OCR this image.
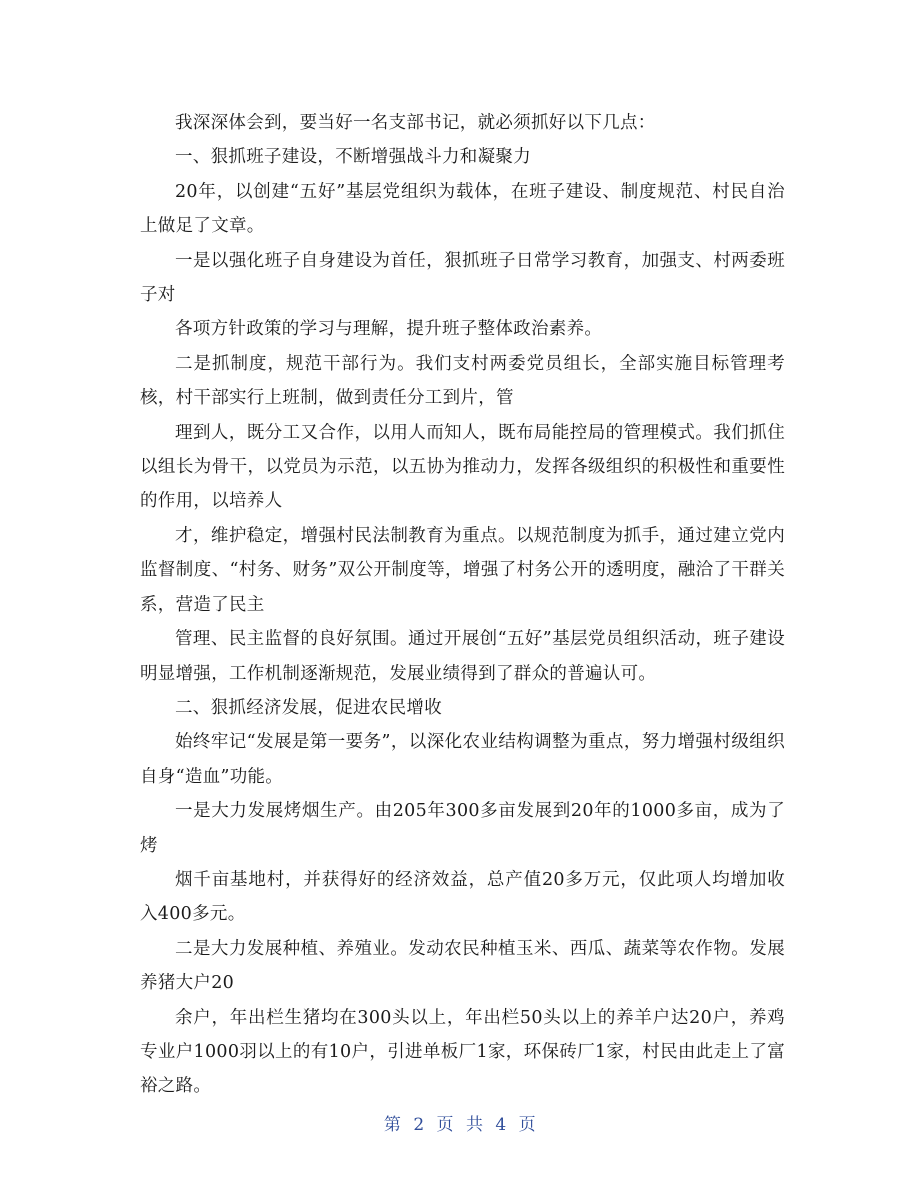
我深深体会到，要当好一名支部书记，就必须抓好以下几点：

一、狠抓班子建设，不断增强战斗力和凝聚力

20年，以创建“五好”基层党组织为载体，在班子建设、制度规范、村民自治上做足了文章。

一是以强化班子自身建设为首任，狠抓班子日常学习教育，加强支、村两委班子对

各项方针政策的学习与理解，提升班子整体政治素养。

二是抓制度，规范干部行为。我们支村两委党员组长，全部实施目标管理考核，村干部实行上班制，做到责任分工到片，管

理到人，既分工又合作，以用人而知人，既布局能控局的管理模式。我们抓住以组长为骨干，以党员为示范，以五协为推动力，发挥各级组织的积极性和重要性的作用，以培养人

才，维护稳定，增强村民法制教育为重点。以规范制度为抓手，通过建立党内监督制度、“村务、财务”双公开制度等，增强了村务公开的透明度，融洽了干群关系，营造了民主

管理、民主监督的良好氛围。通过开展创“五好”基层党员组织活动，班子建设明显增强，工作机制逐渐规范，发展业绩得到了群众的普遍认可。

二、狠抓经济发展，促进农民增收

始终牢记“发展是第一要务”，以深化农业结构调整为重点，努力增强村级组织自身“造血”功能。

一是大力发展烤烟生产。由205年300多亩发展到20年的1000多亩，成为了烤

烟千亩基地村，并获得好的经济效益，总产值20多万元，仅此项人均增加收入400多元。

二是大力发展种植、养殖业。发动农民种植玉米、西瓜、蔬菜等农作物。发展养猪大户20

余户，年出栏生猪均在300头以上，年出栏50头以上的养羊户达20户，养鸡专业户1000羽以上的有10户，引进单板厂1家，环保砖厂1家，村民由此走上了富裕之路。

第 2 页 共 4 页
